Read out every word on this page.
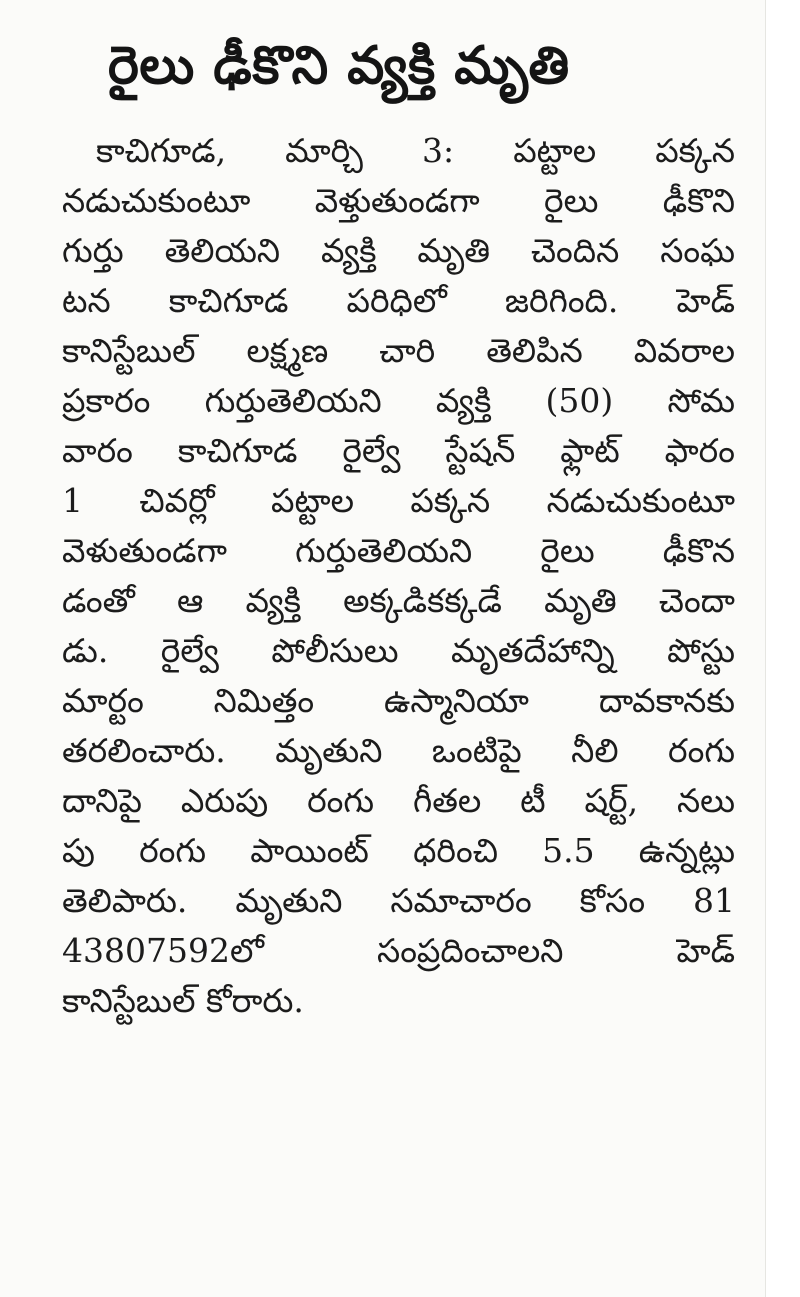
రైలు ఢీకొని వ్యక్తి మృతి
కాచిగూడ, మార్చి 3: పట్టాల పక్కన
నడుచుకుంటూ వెళ్తుతుండగా రైలు ఢీకొని
గుర్తు తెలియని వ్యక్తి మృతి చెందిన సంఘ
టన కాచిగూడ పరిధిలో జరిగింది. హెడ్
కానిస్టేబుల్ లక్ష్మణ చారి తెలిపిన వివరాల
ప్రకారం గుర్తుతెలియని వ్యక్తి (50) సోమ
వారం కాచిగూడ రైల్వే స్టేషన్ ఫ్లాట్ ఫారం
1 చివర్లో పట్టాల పక్కన నడుచుకుంటూ
వెళుతుండగా గుర్తుతెలియని రైలు ఢీకొన
డంతో ఆ వ్యక్తి అక్కడికక్కడే మృతి చెందా
డు. రైల్వే పోలీసులు మృతదేహాన్ని పోస్టు
మార్టం నిమిత్తం ఉస్మానియా దావకానకు
తరలించారు. మృతుని ఒంటిపై నీలి రంగు
దానిపై ఎరుపు రంగు గీతల టీ షర్ట్, నలు
పు రంగు పాయింట్ ధరించి 5.5 ఉన్నట్లు
తెలిపారు. మృతుని సమాచారం కోసం 81
43807592లో సంప్రదించాలని హెడ్
కానిస్టేబుల్ కోరారు.
